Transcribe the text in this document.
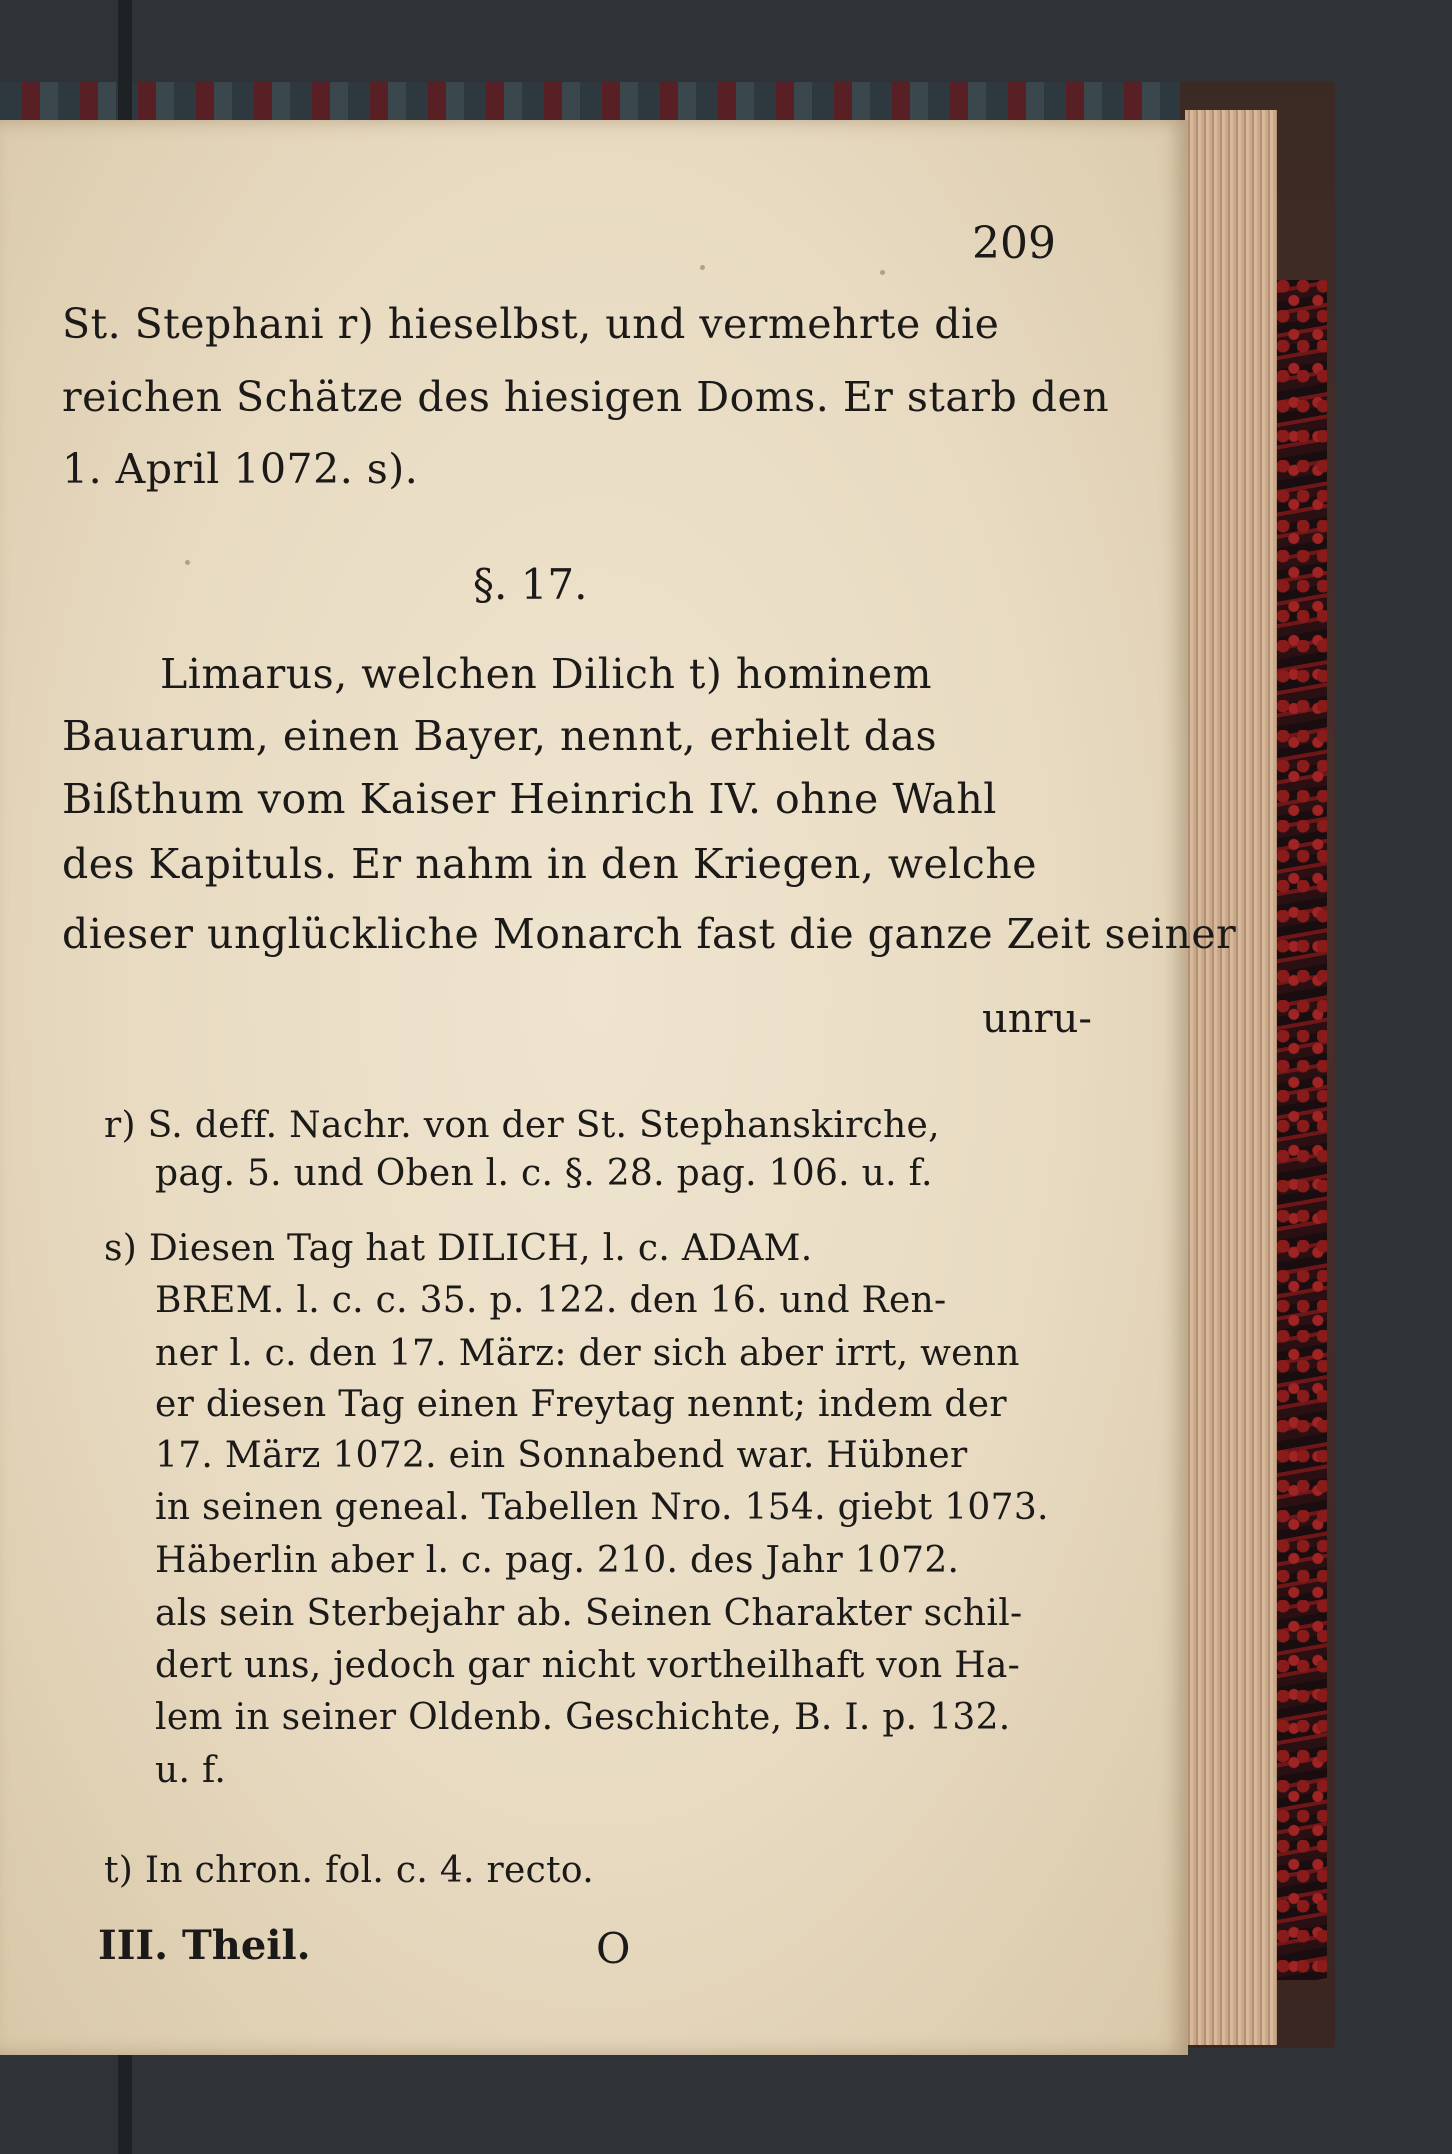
209
St. Stephani r) hieselbst, und vermehrte die
reichen Schätze des hiesigen Doms. Er starb den
1. April 1072. s).
§. 17.
Limarus, welchen Dilich t) hominem
Bauarum, einen Bayer, nennt, erhielt das
Bißthum vom Kaiser Heinrich IV. ohne Wahl
des Kapituls. Er nahm in den Kriegen, welche
dieser unglückliche Monarch fast die ganze Zeit seiner
unru-
r) S. deff. Nachr. von der St. Stephanskirche,
pag. 5. und Oben l. c. §. 28. pag. 106. u. f.
s) Diesen Tag hat DILICH, l. c. ADAM.
BREM. l. c. c. 35. p. 122. den 16. und Ren-
ner l. c. den 17. März: der sich aber irrt, wenn
er diesen Tag einen Freytag nennt; indem der
17. März 1072. ein Sonnabend war. Hübner
in seinen geneal. Tabellen Nro. 154. giebt 1073.
Häberlin aber l. c. pag. 210. des Jahr 1072.
als sein Sterbejahr ab. Seinen Charakter schil-
dert uns, jedoch gar nicht vortheilhaft von Ha-
lem in seiner Oldenb. Geschichte, B. I. p. 132.
u. f.
t) In chron. fol. c. 4. recto.
III. Theil.	O
